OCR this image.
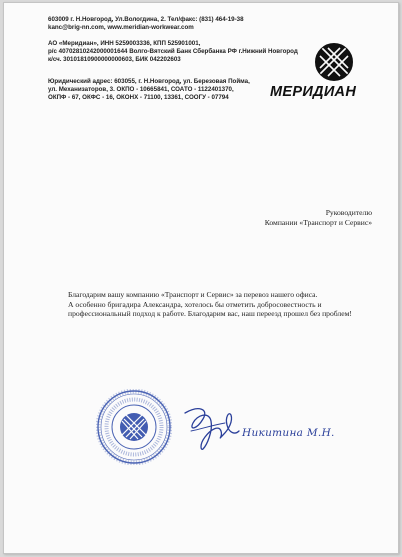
603009 г. Н.Новгород, Ул.Вологдина, 2. Тел/факс: (831) 464-19-38
kanc@brig-nn.com, www.meridian-workwear.com
АО «Меридиан», ИНН 5259003336, КПП 525901001,
р/с 40702810242000001644 Волго-Вятский Банк Сбербанка РФ г.Нижний Новгород
к/сч. 30101810900000000603, БИК 042202603
Юридический адрес: 603055, г. Н.Новгород, ул. Березовая Пойма,
ул. Механизаторов, 3. ОКПО - 10665841, СОАТО - 1122401370,
ОКПФ - 67, ОКФС - 16, ОКОНХ - 71100, 13361, СООГУ - 07794	МЕРИДИАН
Руководителю
Компании «Транспорт и Сервис»
Благодарим вашу компанию «Транспорт и Сервис» за перевоз нашего офиса.
А особенно бригадира Александра, хотелось бы отметить добросовестность и
профессиональный подход к работе. Благодарим вас, наш переезд прошел без проблем!
Никитина М.Н.
